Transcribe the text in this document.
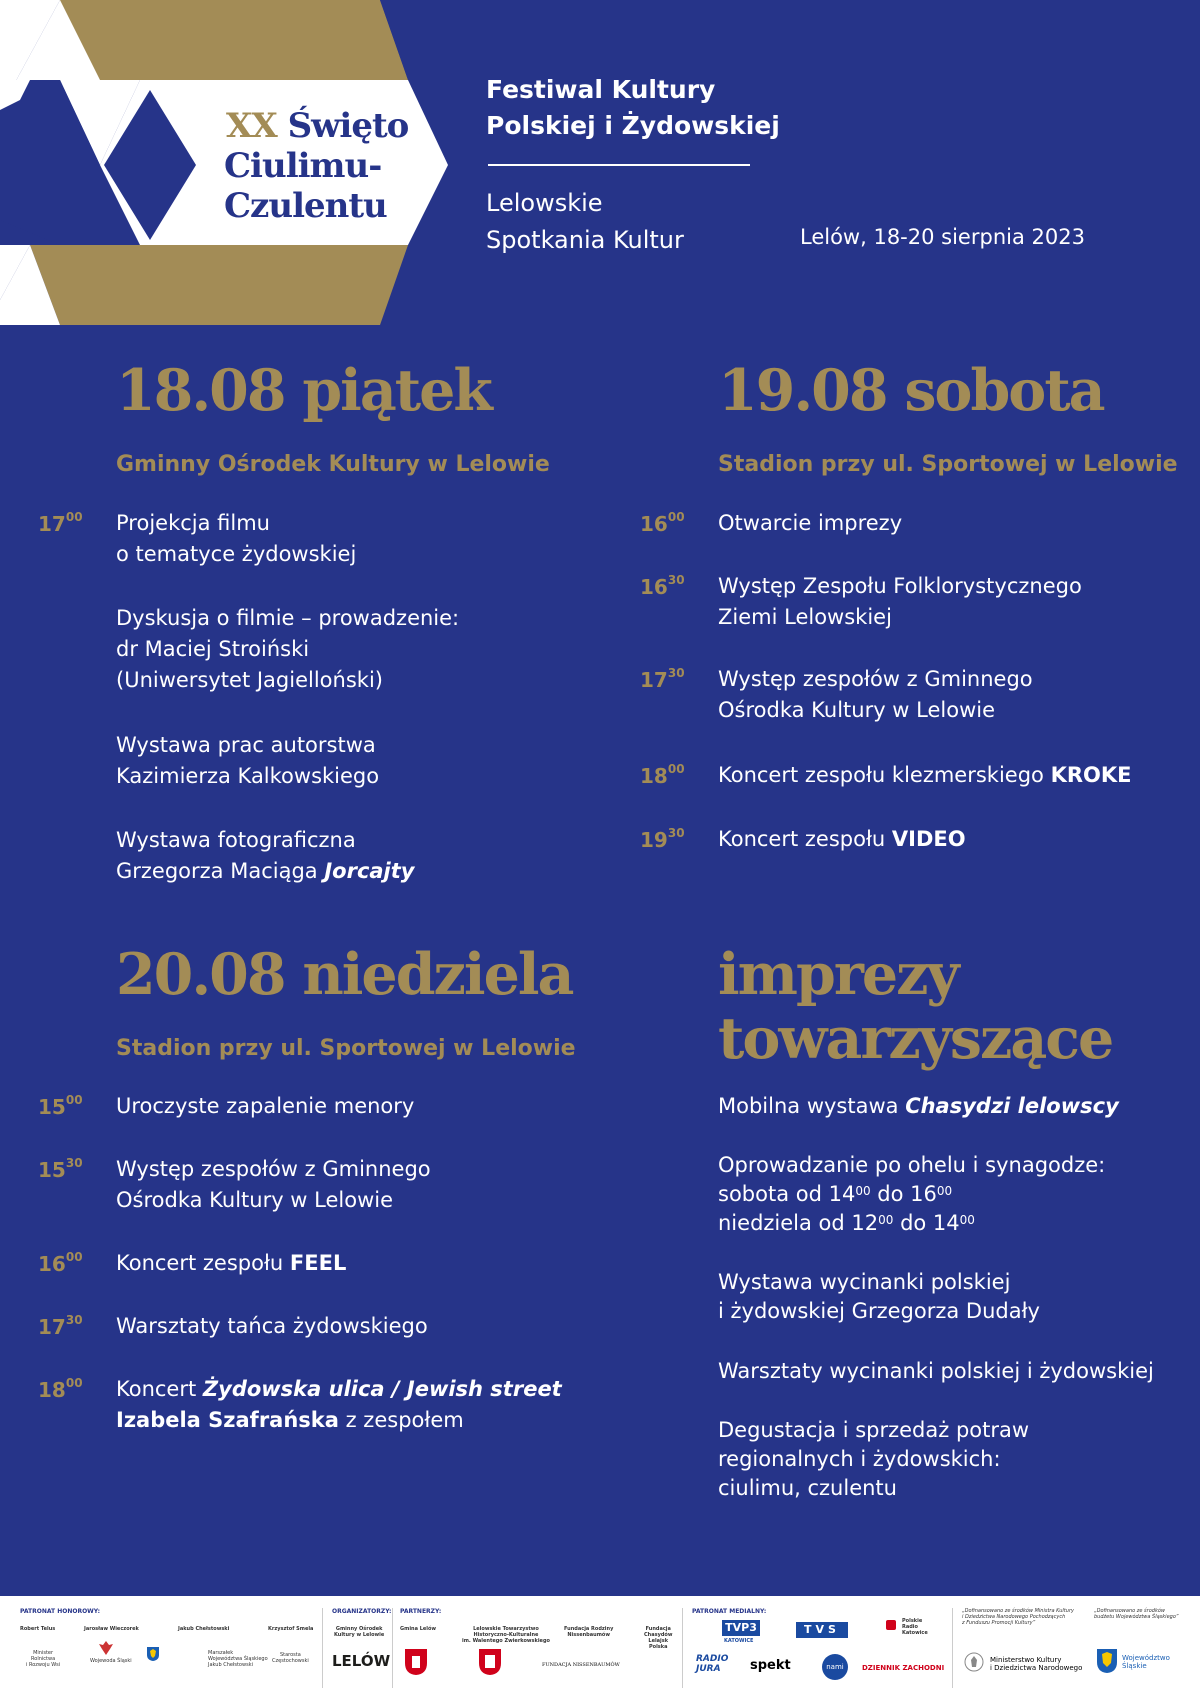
XX Święto
Ciulimu-
Czulentu
Festiwal Kultury
Polskiej i Żydowskiej
Lelowskie
Spotkania Kultur	Lelów, 18-20 sierpnia 2023
18.08 piątek
Gminny Ośrodek Kultury w Lelowie
$17^{00}$ Projekcja filmu
o tematyce żydowskiej
Dyskusja o filmie – prowadzenie:
dr Maciej Stroiński
(Uniwersytet Jagielloński)
Wystawa prac autorstwa
Kazimierza Kalkowskiego
Wystawa fotograficzna
Grzegorza Maciąga Jorcajty
19.08 sobota
Stadion przy ul. Sportowej w Lelowie
$16^{00}$ Otwarcie imprezy
$16^{30}$ Występ Zespołu Folklorystycznego
Ziemi Lelowskiej
$17^{30}$ Występ zespołów z Gminnego
Ośrodka Kultury w Lelowie
$18^{00}$ Koncert zespołu klezmerskiego KROKE
$19^{30}$ Koncert zespołu VIDEO
20.08 niedziela
Stadion przy ul. Sportowej w Lelowie
$15^{00}$ Uroczyste zapalenie menory
$15^{30}$ Występ zespołów z Gminnego
Ośrodka Kultury w Lelowie
$16^{00}$ Koncert zespołu FEEL
$17^{30}$ Warsztaty tańca żydowskiego
$18^{00}$ Koncert Żydowska ulica / Jewish street
Izabela Szafrańska z zespołem
imprezy
towarzyszące
Mobilna wystawa Chasydzi lelowscy
Oprowadzanie po ohelu i synagodze:
sobota od $14^{00}$ do $16^{00}$
niedziela od $12^{00}$ do $14^{00}$
Wystawa wycinanki polskiej
i żydowskiej Grzegorza Dudały
Warsztaty wycinanki polskiej i żydowskiej
Degustacja i sprzedaż potraw
regionalnych i żydowskich:
ciulimu, czulentu
PATRONAT HONOROWY:
Robert Telus
Minister
Rolnictwa
i Rozwoju Wsi
Jarosław Wieczorek
Wojewoda Śląski
Jakub Chełstowski
Marszałek
Województwa Śląskiego
Jakub Chełstowski
Krzysztof Smela
Starosta
Częstochowski
ORGANIZATORZY:
Gminny Ośrodek
Kultury w Lelowie
LELÓW
PARTNERZY:
Gmina Lelów	Lelowskie Towarzystwo
Historyczno-Kulturalne
im. Walentego Zwierkowskiego
Fundacja Rodziny
Nissenbaumów
FUNDACJA NISSENBAUMÓW
Fundacja
Chasydów
Lelajsk
Polska
PATRONAT MEDIALNY:
TVP3
KATOWICE
TVS
Polskie
Radio
Katowice
RADIO
JURA	spekt	nami	DZIENNIK ZACHODNI
„Dofinansowano ze środków Ministra Kultury
i Dziedzictwa Narodowego Pochodzących
z Funduszu Promocji Kultury”
Ministerstwo Kultury
i Dziedzictwa Narodowego
„Dofinansowano ze środków
budżetu Województwa Śląskiego”
Województwo
Śląskie
